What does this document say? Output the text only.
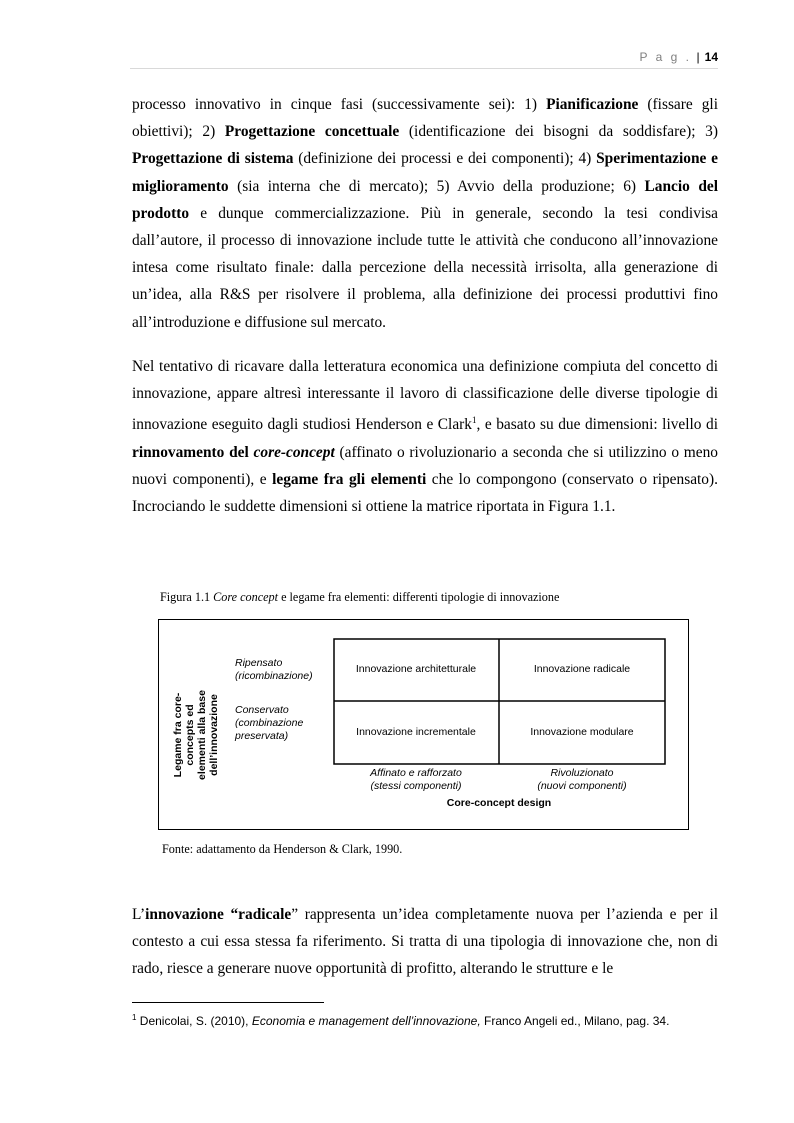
P a g . | 14

processo innovativo in cinque fasi (successivamente sei): 1) Pianificazione (fissare gli obiettivi); 2) Progettazione concettuale (identificazione dei bisogni da soddisfare); 3) Progettazione di sistema (definizione dei processi e dei componenti); 4) Sperimentazione e miglioramento (sia interna che di mercato); 5) Avvio della produzione; 6) Lancio del prodotto e dunque commercializzazione. Più in generale, secondo la tesi condivisa dall’autore, il processo di innovazione include tutte le attività che conducono all’innovazione intesa come risultato finale: dalla percezione della necessità irrisolta, alla generazione di un’idea, alla R&S per risolvere il problema, alla definizione dei processi produttivi fino all’introduzione e diffusione sul mercato.

Nel tentativo di ricavare dalla letteratura economica una definizione compiuta del concetto di innovazione, appare altresì interessante il lavoro di classificazione delle diverse tipologie di innovazione eseguito dagli studiosi Henderson e Clark$^1$, e basato su due dimensioni: livello di rinnovamento del core-concept (affinato o rivoluzionario a seconda che si utilizzino o meno nuovi componenti), e legame fra gli elementi che lo compongono (conservato o ripensato). Incrociando le suddette dimensioni si ottiene la matrice riportata in Figura 1.1.

Figura 1.1 Core concept e legame fra elementi: differenti tipologie di innovazione
Legame fra core- concepts ed elementi alla base dell’innovazione
Ripensato
(ricombinazione)
Conservato
(combinazione
preservata)
Innovazione architetturale	Innovazione radicale
Innovazione incrementale	Innovazione modulare
Affinato e rafforzato
(stessi componenti)
Rivoluzionato
(nuovi componenti)
Core-concept design
Fonte: adattamento da Henderson & Clark, 1990.

L’innovazione “radicale” rappresenta un’idea completamente nuova per l’azienda e per il contesto a cui essa stessa fa riferimento. Si tratta di una tipologia di innovazione che, non di rado, riesce a generare nuove opportunità di profitto, alterando le strutture e le

$^1$ Denicolai, S. (2010), Economia e management dell’innovazione, Franco Angeli ed., Milano, pag. 34.
